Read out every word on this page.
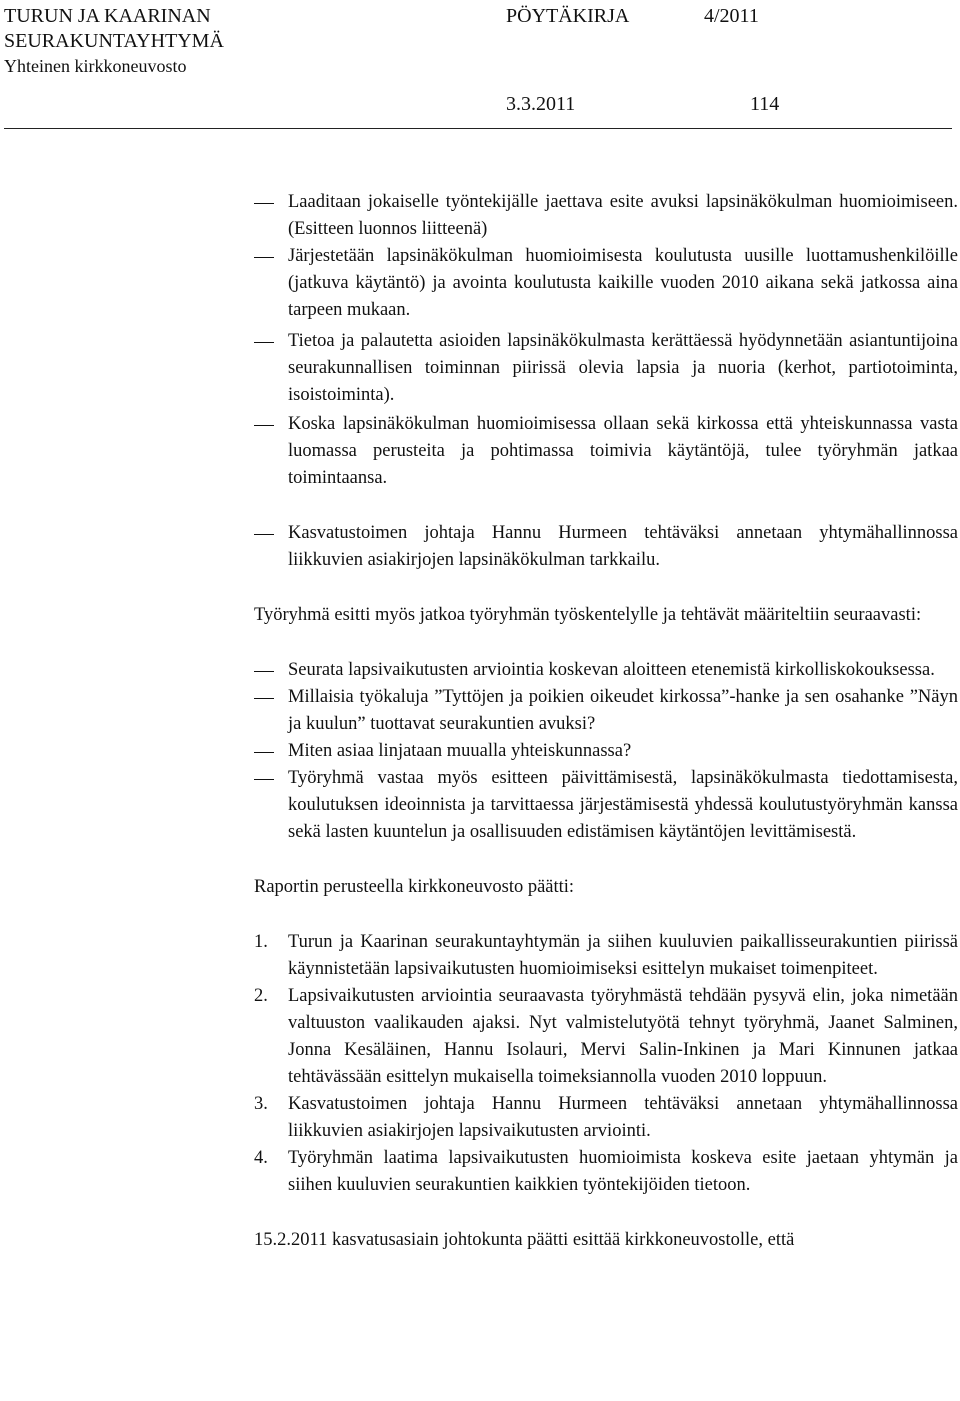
TURUN JA KAARINAN	PÖYTÄKIRJA	4/2011
SEURAKUNTAYHTYMÄ
Yhteinen kirkkoneuvosto
3.3.2011	114
Laaditaan jokaiselle työntekijälle jaettava esite avuksi lapsinäkökulman huomioimiseen. (Esitteen luonnos liitteenä)
Järjestetään lapsinäkökulman huomioimisesta koulutusta uusille luottamushenkilöille (jatkuva käytäntö) ja avointa koulutusta kaikille vuoden 2010 aikana sekä jatkossa aina tarpeen mukaan.
Tietoa ja palautetta asioiden lapsinäkökulmasta kerättäessä hyödynnetään asiantuntijoina seurakunnallisen toiminnan piirissä olevia lapsia ja nuoria (kerhot, partiotoiminta, isoistoiminta).
Koska lapsinäkökulman huomioimisessa ollaan sekä kirkossa että yhteiskunnassa vasta luomassa perusteita ja pohtimassa toimivia käytäntöjä, tulee työryhmän jatkaa toimintaansa.
Kasvatustoimen johtaja Hannu Hurmeen tehtäväksi annetaan yhtymähallinnossa liikkuvien asiakirjojen lapsinäkökulman tarkkailu.

Työryhmä esitti myös jatkoa työryhmän työskentelylle ja tehtävät määriteltiin seuraavasti:

Seurata lapsivaikutusten arviointia koskevan aloitteen etenemistä kirkolliskokouksessa.
Millaisia työkaluja ”Tyttöjen ja poikien oikeudet kirkossa”-hanke ja sen osahanke ”Näyn ja kuulun” tuottavat seurakuntien avuksi?
Miten asiaa linjataan muualla yhteiskunnassa?
Työryhmä vastaa myös esitteen päivittämisestä, lapsinäkökulmasta tiedottamisesta, koulutuksen ideoinnista ja tarvittaessa järjestämisestä yhdessä koulutustyöryhmän kanssa sekä lasten kuuntelun ja osallisuuden edistämisen käytäntöjen levittämisestä.

Raportin perusteella kirkkoneuvosto päätti:

1.	Turun ja Kaarinan seurakuntayhtymän ja siihen kuuluvien paikallisseurakuntien piirissä käynnistetään lapsivaikutusten huomioimiseksi esittelyn mukaiset toimenpiteet.
2.	Lapsivaikutusten arviointia seuraavasta työryhmästä tehdään pysyvä elin, joka nimetään valtuuston vaalikauden ajaksi. Nyt valmistelutyötä tehnyt työryhmä, Jaanet Salminen, Jonna Kesäläinen, Hannu Isolauri, Mervi Salin-Inkinen ja Mari Kinnunen jatkaa tehtävässään esittelyn mukaisella toimeksiannolla vuoden 2010 loppuun.
3.	Kasvatustoimen johtaja Hannu Hurmeen tehtäväksi annetaan yhtymähallinnossa liikkuvien asiakirjojen lapsivaikutusten arviointi.
4.	Työryhmän laatima lapsivaikutusten huomioimista koskeva esite jaetaan yhtymän ja siihen kuuluvien seurakuntien kaikkien työntekijöiden tietoon.

15.2.2011 kasvatusasiain johtokunta päätti esittää kirkkoneuvostolle, että
